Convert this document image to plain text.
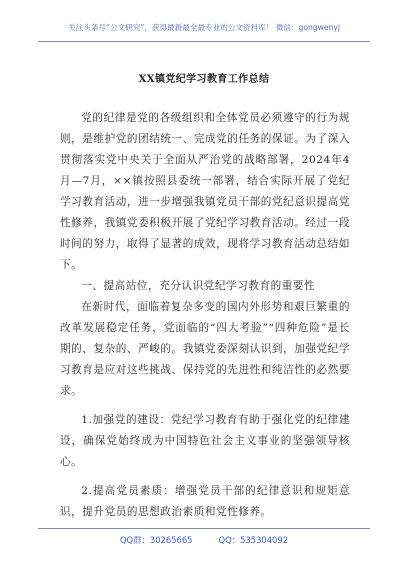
关注头条号“公文研究”，获得最新最全最专业的公文资料库！ 微信：gongwenyj
XX镇党纪学习教育工作总结

党的纪律是党的各级组织和全体党员必须遵守的行为规则，是维护党的团结统一、完成党的任务的保证。为了深入贯彻落实党中央关于全面从严治党的战略部署，2024年4月—7月，××镇按照县委统一部署，结合实际开展了党纪学习教育活动，进一步增强我镇党员干部的党纪意识提高党性修养，我镇党委积极开展了党纪学习教育活动。经过一段时间的努力，取得了显著的成效，现将学习教育活动总结如下。

一、提高站位，充分认识党纪学习教育的重要性

在新时代，面临着复杂多变的国内外形势和艰巨繁重的改革发展稳定任务，党面临的“四大考验”“四种危险”是长期的、复杂的、严峻的。我镇党委深刻认识到，加强党纪学习教育是应对这些挑战、保持党的先进性和纯洁性的必然要求。

1.加强党的建设：党纪学习教育有助于强化党的纪律建设，确保党始终成为中国特色社会主义事业的坚强领导核心。

2.提高党员素质：增强党员干部的纪律意识和规矩意识，提升党员的思想政治素质和党性修养。

QQ群：30265665	QQ：535304092
